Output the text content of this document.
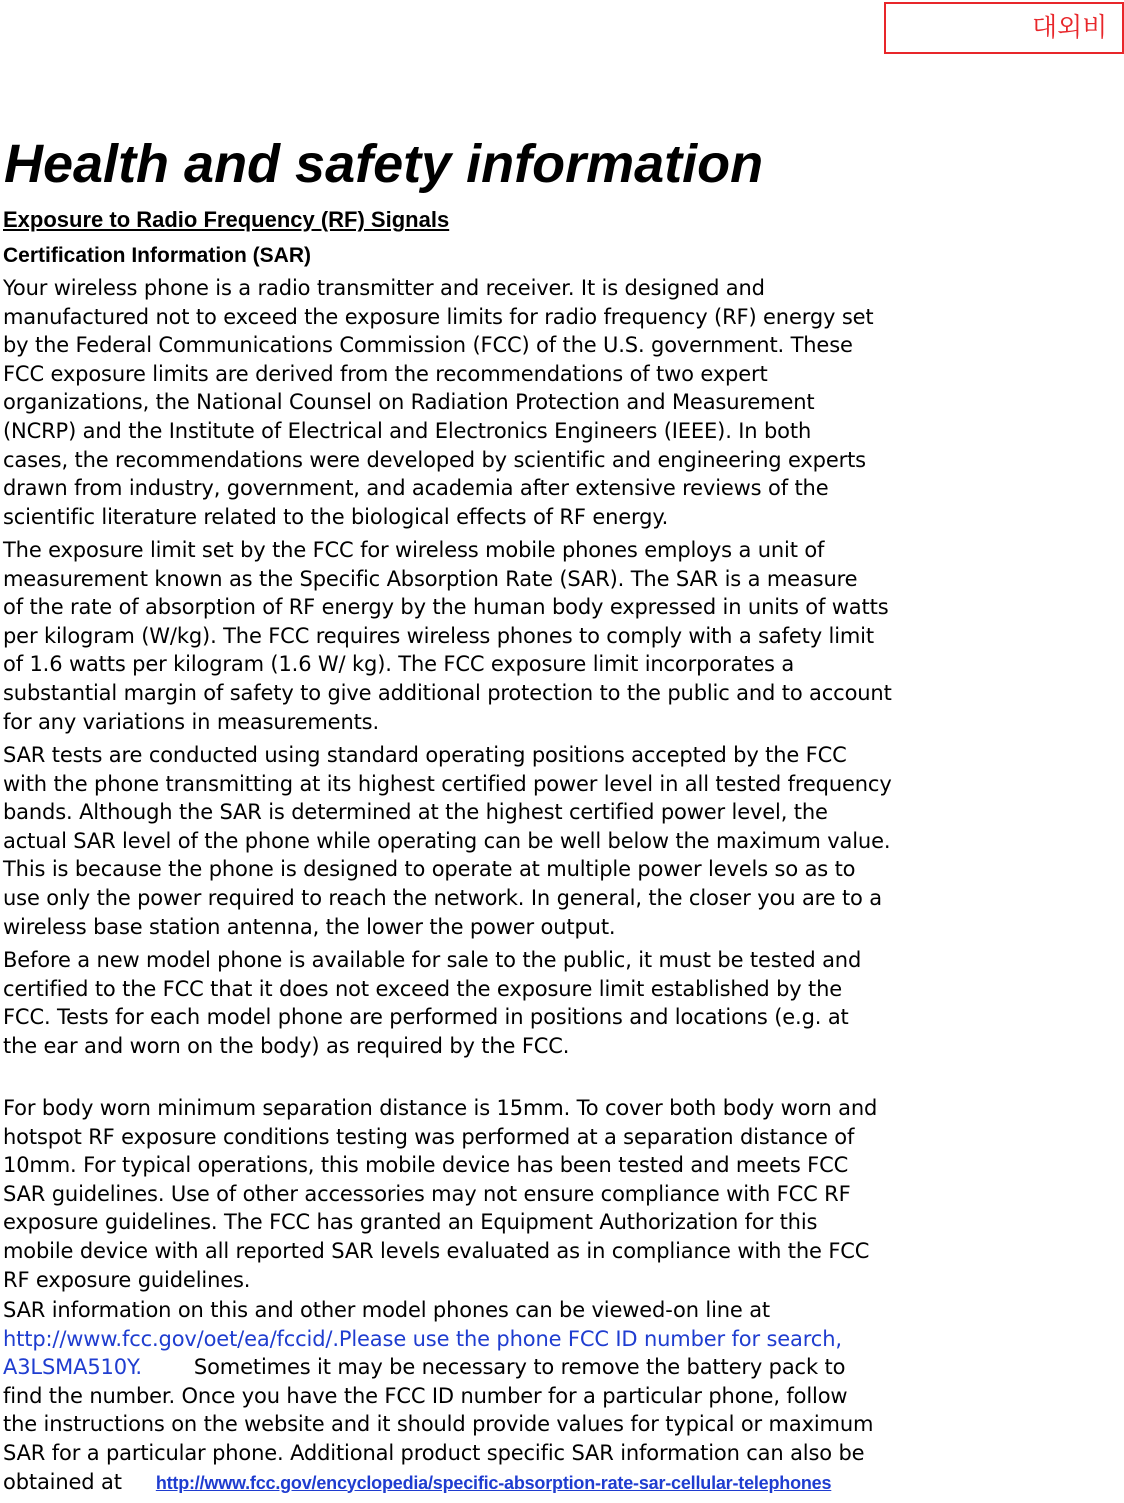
대외비
Health and safety information
Exposure to Radio Frequency (RF) Signals
Certification Information (SAR)
Your wireless phone is a radio transmitter and receiver. It is designed and
manufactured not to exceed the exposure limits for radio frequency (RF) energy set
by the Federal Communications Commission (FCC) of the U.S. government. These
FCC exposure limits are derived from the recommendations of two expert
organizations, the National Counsel on Radiation Protection and Measurement
(NCRP) and the Institute of Electrical and Electronics Engineers (IEEE). In both
cases, the recommendations were developed by scientific and engineering experts
drawn from industry, government, and academia after extensive reviews of the
scientific literature related to the biological effects of RF energy.
The exposure limit set by the FCC for wireless mobile phones employs a unit of
measurement known as the Specific Absorption Rate (SAR). The SAR is a measure
of the rate of absorption of RF energy by the human body expressed in units of watts
per kilogram (W/kg). The FCC requires wireless phones to comply with a safety limit
of 1.6 watts per kilogram (1.6 W/ kg). The FCC exposure limit incorporates a
substantial margin of safety to give additional protection to the public and to account
for any variations in measurements.
SAR tests are conducted using standard operating positions accepted by the FCC
with the phone transmitting at its highest certified power level in all tested frequency
bands. Although the SAR is determined at the highest certified power level, the
actual SAR level of the phone while operating can be well below the maximum value.
This is because the phone is designed to operate at multiple power levels so as to
use only the power required to reach the network. In general, the closer you are to a
wireless base station antenna, the lower the power output.
Before a new model phone is available for sale to the public, it must be tested and
certified to the FCC that it does not exceed the exposure limit established by the
FCC. Tests for each model phone are performed in positions and locations (e.g. at
the ear and worn on the body) as required by the FCC.
For body worn minimum separation distance is 15mm. To cover both body worn and
hotspot RF exposure conditions testing was performed at a separation distance of
10mm. For typical operations, this mobile device has been tested and meets FCC
SAR guidelines. Use of other accessories may not ensure compliance with FCC RF
exposure guidelines. The FCC has granted an Equipment Authorization for this
mobile device with all reported SAR levels evaluated as in compliance with the FCC
RF exposure guidelines.
SAR information on this and other model phones can be viewed-on line at
http://www.fcc.gov/oet/ea/fccid/.Please use the phone FCC ID number for search,
A3LSMA510Y. Sometimes it may be necessary to remove the battery pack to
find the number. Once you have the FCC ID number for a particular phone, follow
the instructions on the website and it should provide values for typical or maximum
SAR for a particular phone. Additional product specific SAR information can also be
obtained at http://www.fcc.gov/encyclopedia/specific-absorption-rate-sar-cellular-telephones
